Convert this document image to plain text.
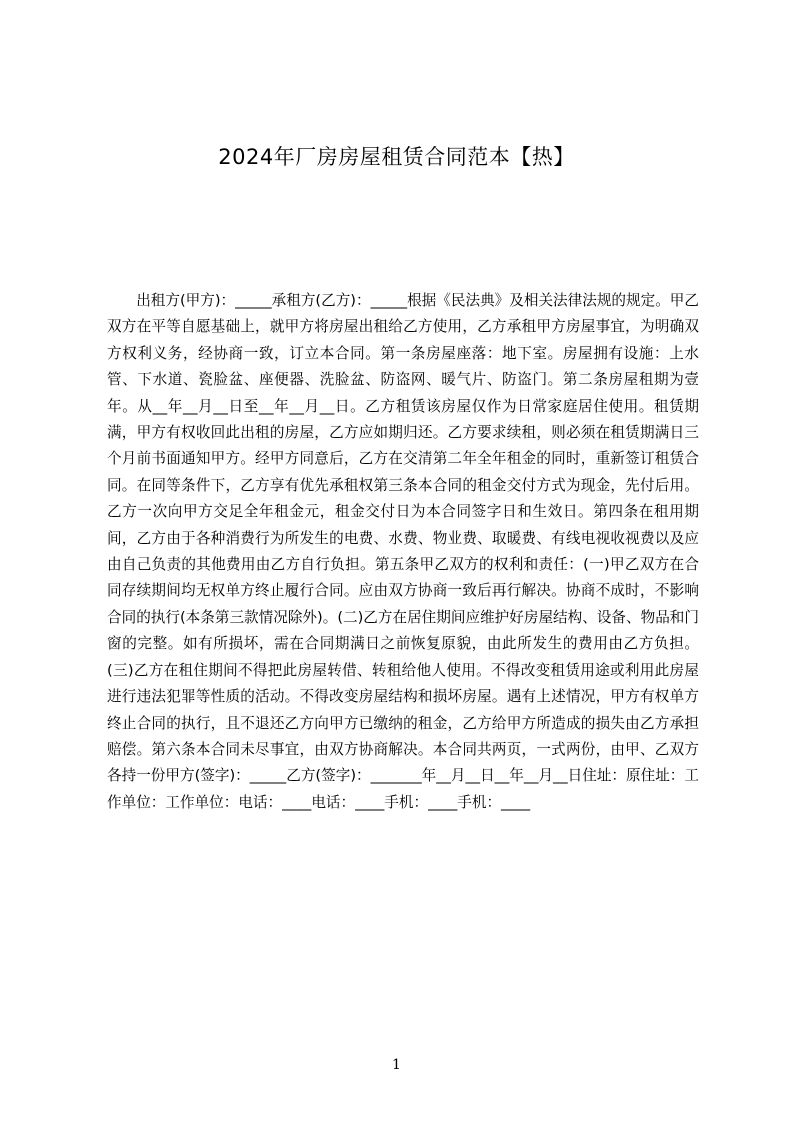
2024年厂房房屋租赁合同范本【热】

出租方(甲方)：_____承租方(乙方)：_____根据《民法典》及相关法律法规的规定。甲乙双方在平等自愿基础上，就甲方将房屋出租给乙方使用，乙方承租甲方房屋事宜，为明确双方权利义务，经协商一致，订立本合同。第一条房屋座落：地下室。房屋拥有设施：上水管、下水道、瓷脸盆、座便器、洗脸盆、防盗网、暖气片、防盗门。第二条房屋租期为壹年。从__年__月__日至__年__月__日。乙方租赁该房屋仅作为日常家庭居住使用。租赁期满，甲方有权收回此出租的房屋，乙方应如期归还。乙方要求续租，则必须在租赁期满日三个月前书面通知甲方。经甲方同意后，乙方在交清第二年全年租金的同时，重新签订租赁合同。在同等条件下，乙方享有优先承租权第三条本合同的租金交付方式为现金，先付后用。乙方一次向甲方交足全年租金元，租金交付日为本合同签字日和生效日。第四条在租用期间，乙方由于各种消费行为所发生的电费、水费、物业费、取暖费、有线电视收视费以及应由自己负责的其他费用由乙方自行负担。第五条甲乙双方的权利和责任：(一)甲乙双方在合同存续期间均无权单方终止履行合同。应由双方协商一致后再行解决。协商不成时，不影响合同的执行(本条第三款情况除外)。(二)乙方在居住期间应维护好房屋结构、设备、物品和门窗的完整。如有所损坏，需在合同期满日之前恢复原貌，由此所发生的费用由乙方负担。(三)乙方在租住期间不得把此房屋转借、转租给他人使用。不得改变租赁用途或利用此房屋进行违法犯罪等性质的活动。不得改变房屋结构和损坏房屋。遇有上述情况，甲方有权单方终止合同的执行，且不退还乙方向甲方已缴纳的租金，乙方给甲方所造成的损失由乙方承担赔偿。第六条本合同未尽事宜，由双方协商解决。本合同共两页，一式两份，由甲、乙双方各持一份甲方(签字)：_____乙方(签字)：_______年__月__日__年__月__日住址：原住址：工作单位：工作单位：电话：____电话：____手机：____手机：____

1
